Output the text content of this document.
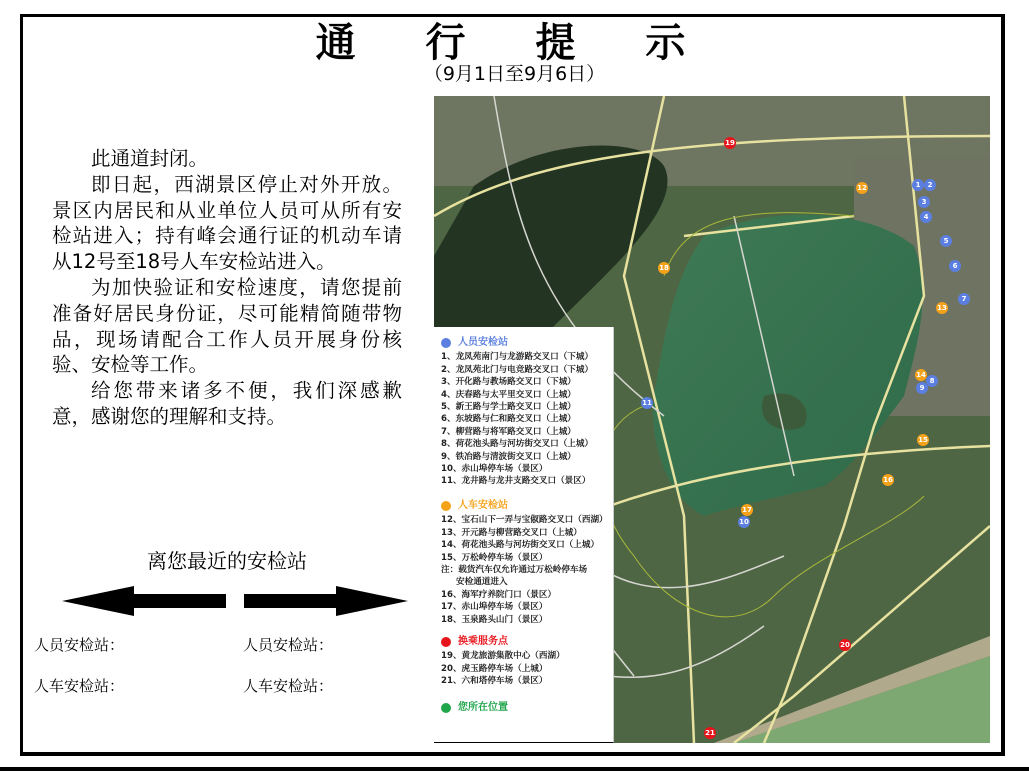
通 行 提 示
（9月1日至9月6日）

此通道封闭。

即日起，西湖景区停止对外开放。景区内居民和从业单位人员可从所有安检站进入；持有峰会通行证的机动车请从12号至18号人车安检站进入。

为加快验证和安检速度，请您提前准备好居民身份证，尽可能精简随带物品，现场请配合工作人员开展身份核验、安检等工作。

给您带来诸多不便，我们深感歉意，感谢您的理解和支持。

离您最近的安检站
人员安检站：
人车安检站：
人员安检站：
人车安检站：
1	2
3
4
5
6
7
8
9
10
11
12
13
14
15
16
17
18
19
20
21
人员安检站
1、龙凤苑南门与龙游路交叉口（下城）
2、龙凤苑北门与电竞路交叉口（下城）
3、开化路与教场路交叉口（下城）
4、庆春路与太平里交叉口（上城）
5、新王路与学士路交叉口（上城）
6、东坡路与仁和路交叉口（上城）
7、柳营路与将军路交叉口（上城）
8、荷花池头路与河坊街交叉口（上城）
9、铁冶路与清波街交叉口（上城）
10、赤山埠停车场（景区）
11、龙井路与龙井支路交叉口（景区）
人车安检站
12、宝石山下一弄与宝俶路交叉口（西湖）
13、开元路与柳营路交叉口（上城）
14、荷花池头路与河坊街交叉口（上城）
15、万松岭停车场（景区）
注：载货汽车仅允许通过万松岭停车场
安检通道进入
16、海军疗养院门口（景区）
17、赤山埠停车场（景区）
18、玉泉路头山门（景区）
换乘服务点
19、黄龙旅游集散中心（西湖）
20、虎玉路停车场（上城）
21、六和塔停车场（景区）
您所在位置
